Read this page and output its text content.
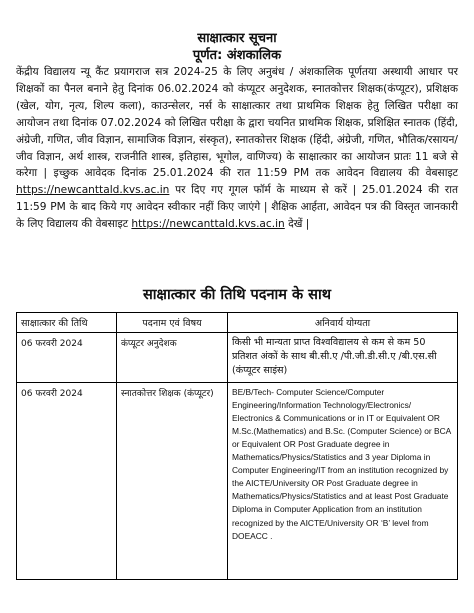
साक्षात्कार सूचना
पूर्णत: अंशकालिक
केंद्रीय विद्यालय न्यू कैंट प्रयागराज सत्र 2024-25 के लिए अनुबंध / अंशकालिक पूर्णतया अस्थायी आधार पर शिक्षकों का पैनल बनाने हेतु दिनांक 06.02.2024 को कंप्यूटर अनुदेशक, स्नातकोत्तर शिक्षक(कंप्यूटर), प्रशिक्षक (खेल, योग, नृत्य, शिल्प कला), काउन्सेलर, नर्स के साक्षात्कार तथा प्राथमिक शिक्षक हेतु लिखित परीक्षा का आयोजन तथा दिनांक 07.02.2024 को लिखित परीक्षा के द्वारा चयनित प्राथमिक शिक्षक, प्रशिक्षित स्नातक (हिंदी, अंग्रेजी, गणित, जीव विज्ञान, सामाजिक विज्ञान, संस्कृत), स्नातकोत्तर शिक्षक (हिंदी, अंग्रेजी, गणित, भौतिक/रसायन/जीव विज्ञान, अर्थ शास्त्र, राजनीति शास्त्र, इतिहास, भूगोल, वाणिज्य) के साक्षात्कार का आयोजन प्रातः 11 बजे से करेगा | इच्छुक आवेदक दिनांक 25.01.2024 की रात 11:59 PM तक आवेदन विद्यालय की वेबसाइट https://newcanttald.kvs.ac.in पर दिए गए गूगल फॉर्म के माध्यम से करें | 25.01.2024 की रात 11:59 PM के बाद किये गए आवेदन स्वीकार नहीं किए जाएंगे | शैक्षिक आर्हता, आवेदन पत्र की विस्तृत जानकारी के लिए विद्यालय की वेबसाइट https://newcanttald.kvs.ac.in देखें |
साक्षात्कार की तिथि पदनाम के साथ
साक्षात्कार की तिथि	पदनाम एवं विषय	अनिवार्य योग्यता
06 फरवरी 2024	कंप्यूटर अनुदेशक	किसी भी मान्यता प्राप्त विश्वविद्यालय से कम से कम 50 प्रतिशत अंकों के साथ बी.सी.ए /पी.जी.डी.सी.ए /बी.एस.सी (कंप्यूटर साइंस)
06 फरवरी 2024	स्नातकोत्तर शिक्षक (कंप्यूटर)	BE/B/Tech- Computer Science/Computer Engineering/Information Technology/Electronics/ Electronics & Communications or in IT or Equivalent OR M.Sc.(Mathematics) and B.Sc. (Computer Science) or BCA or Equivalent OR Post Graduate degree in Mathematics/Physics/Statistics and 3 year Diploma in Computer Engineering/IT from an institution recognized by the AICTE/University OR Post Graduate degree in Mathematics/Physics/Statistics and at least Post Graduate Diploma in Computer Application from an institution recognized by the AICTE/University OR ‘B’ level from DOEACC .
